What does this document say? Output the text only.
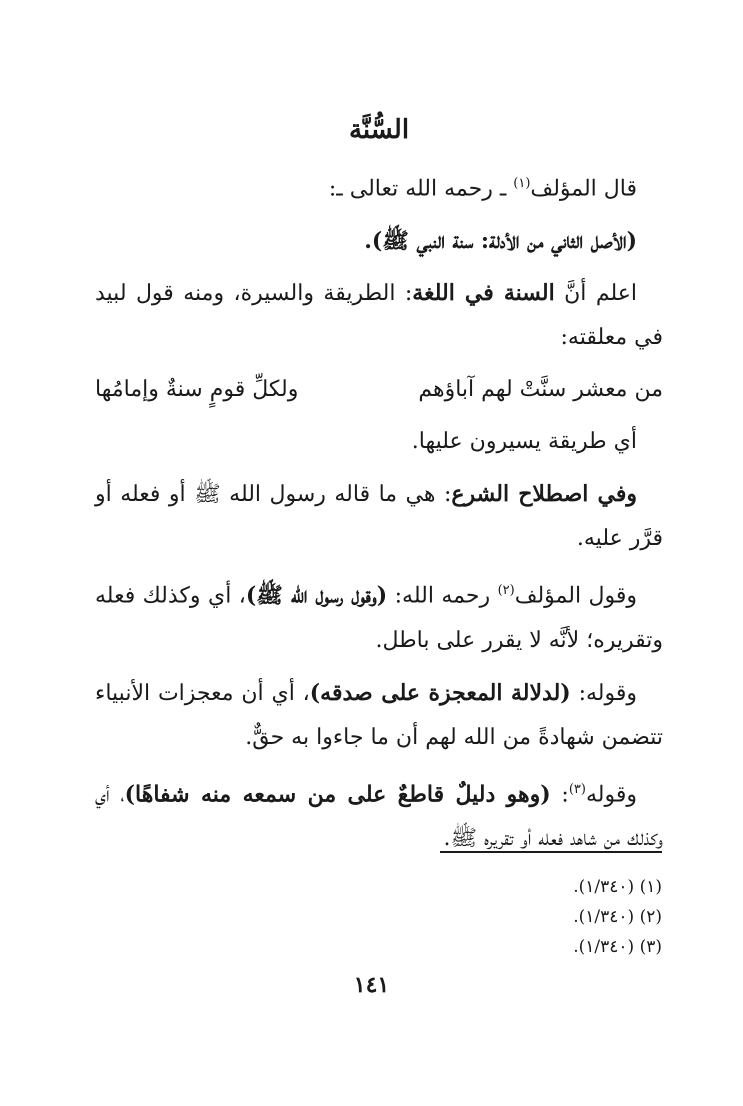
السُّنَّة

قال المؤلف$^{(١)}$ ـ رحمه الله تعالى ـ:

(الأصل الثاني من الأدلة: سنة النبي ﷺ).

اعلم أنَّ السنة في اللغة: الطريقة والسيرة، ومنه قول لبيد في معلقته:

من معشر سنَّتْ لهم آباؤهم
ولكلِّ قومٍ سنةٌ وإمامُها

أي طريقة يسيرون عليها.

وفي اصطلاح الشرع: هي ما قاله رسول الله ﷺ أو فعله أو قرَّر عليه.

وقول المؤلف$^{(٢)}$ رحمه الله: (وقول رسول الله ﷺ)، أي وكذلك فعله وتقريره؛ لأنَّه لا يقرر على باطل.

وقوله: (لدلالة المعجزة على صدقه)، أي أن معجزات الأنبياء تتضمن شهادةً من الله لهم أن ما جاءوا به حقٌّ.

وقوله$^{(٣)}$: (وهو دليلٌ قاطعٌ على من سمعه منه شفاهًا)، أي وكذلك من شاهد فعله أو تقريره ﷺ.

(١) (١/٣٤٠).
(٢) (١/٣٤٠).
(٣) (١/٣٤٠).
١٤١
